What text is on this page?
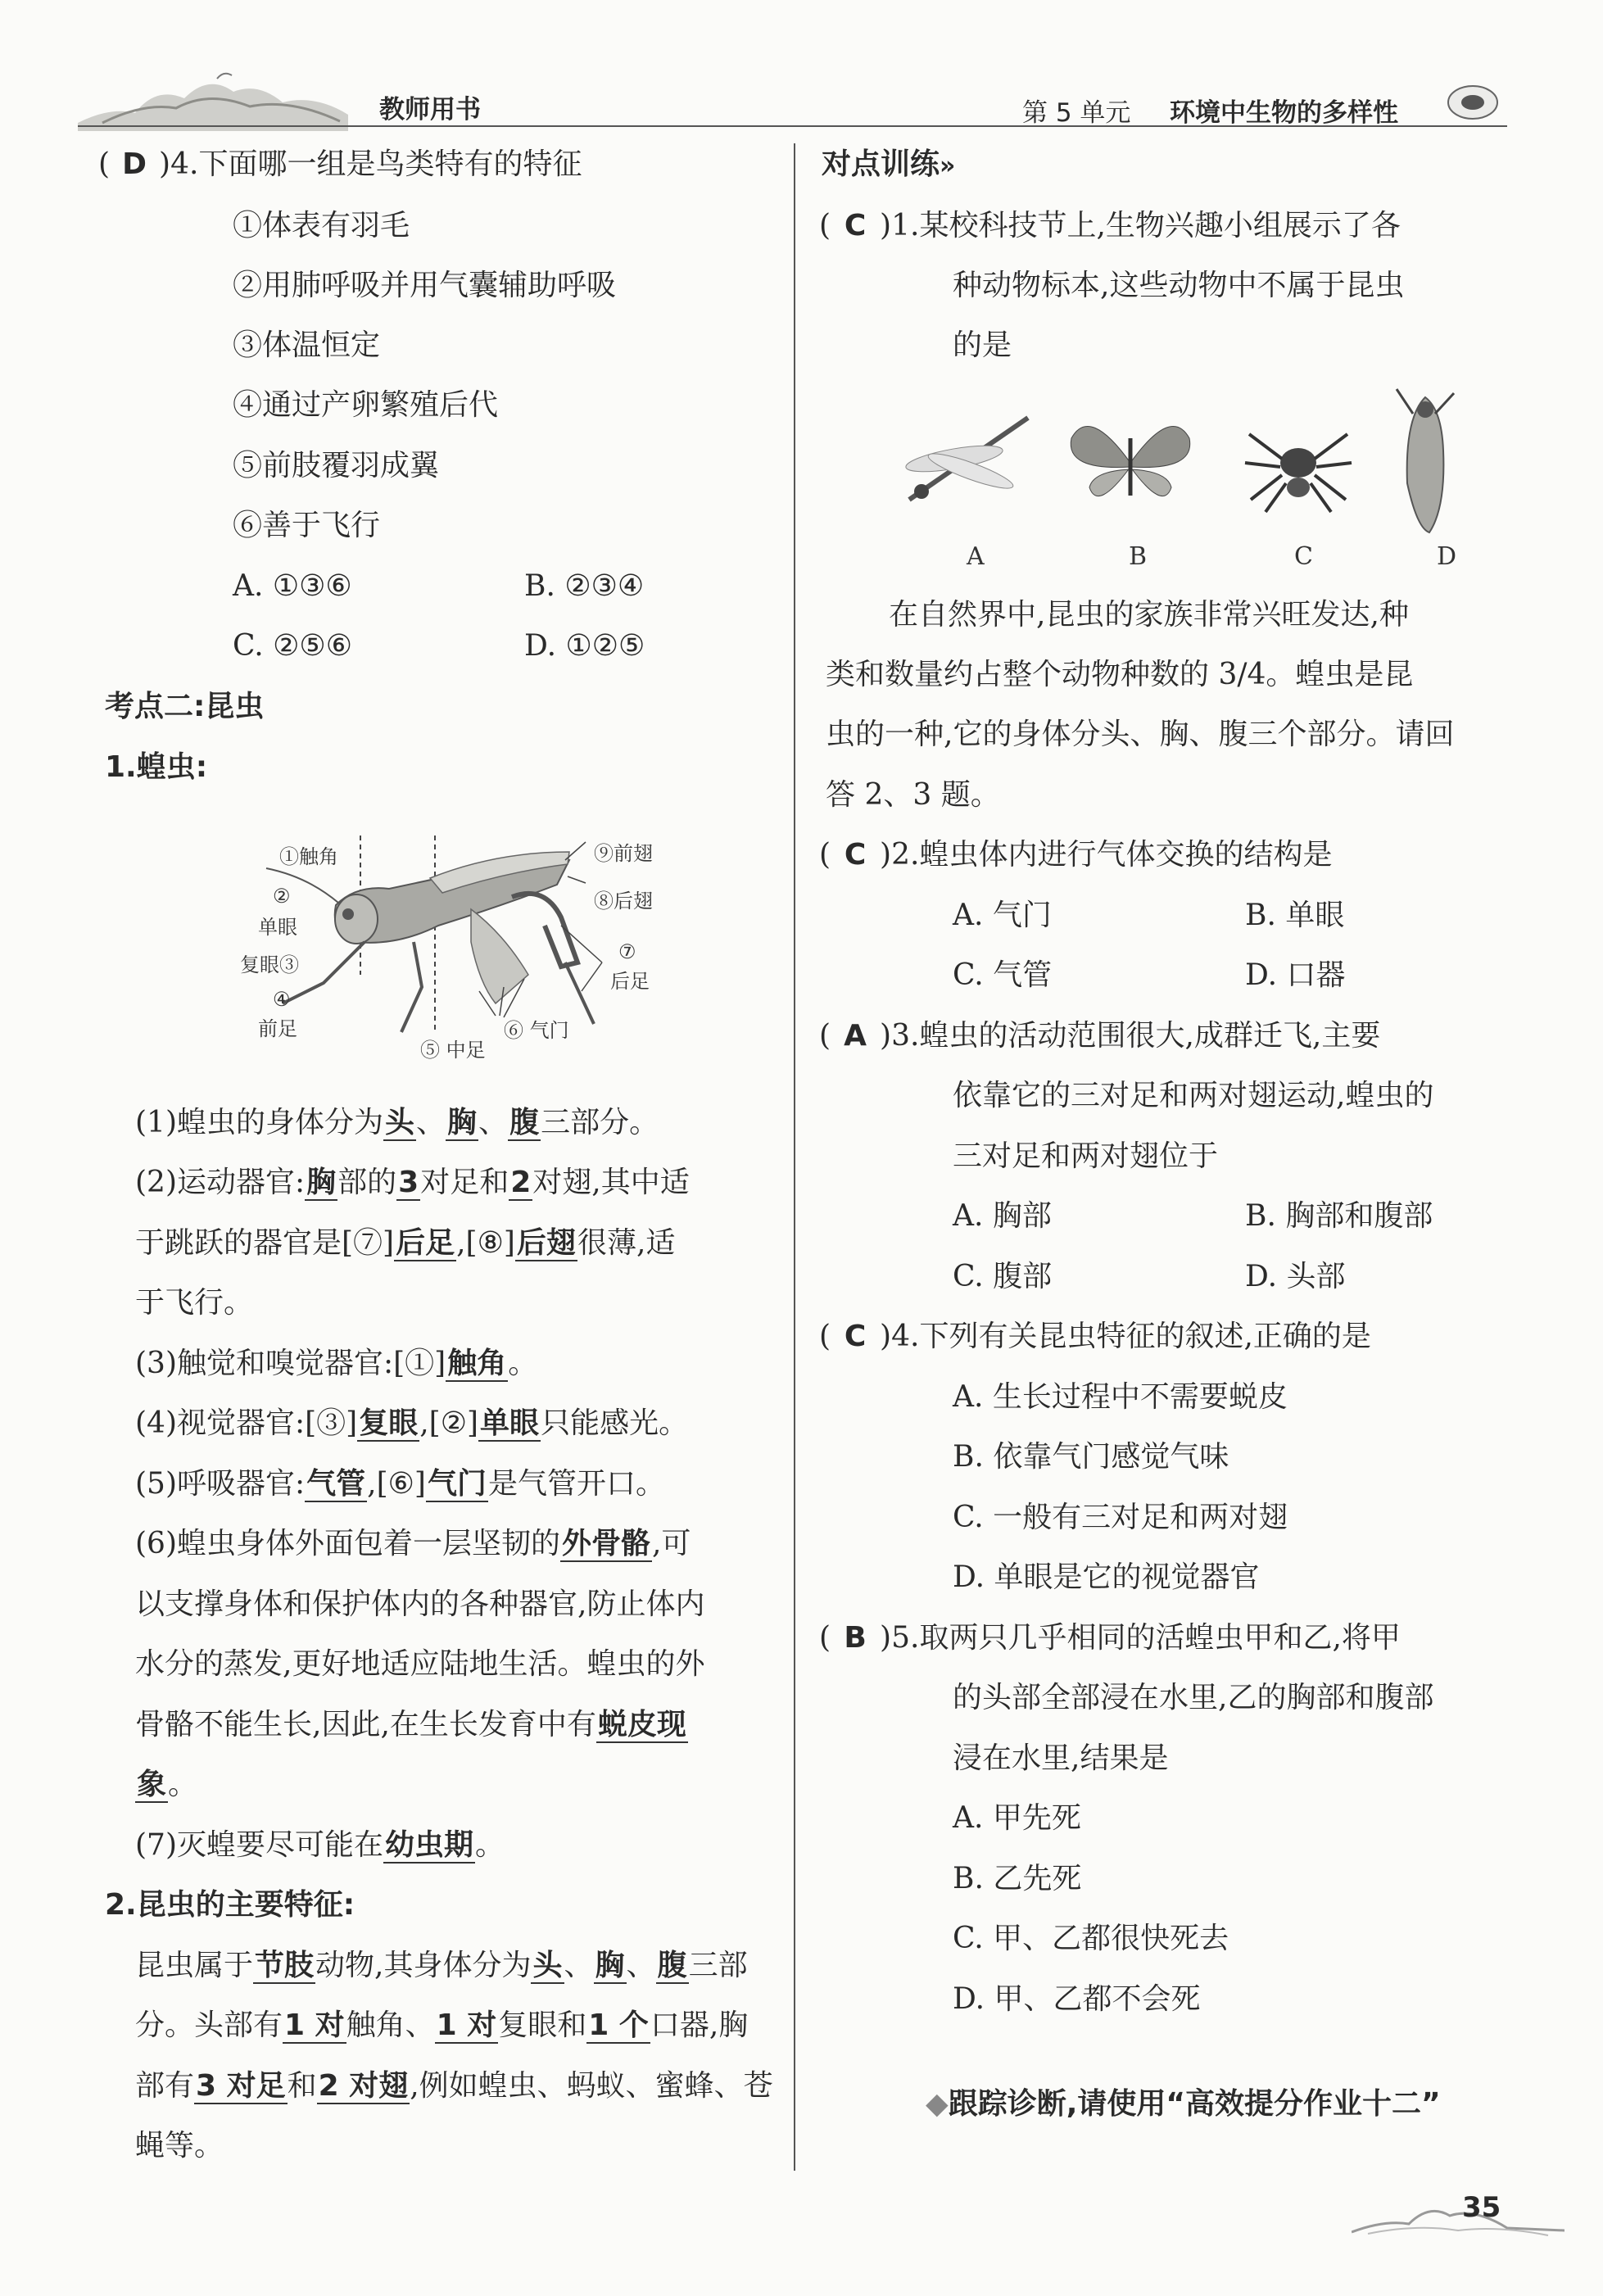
教师用书	第 5 单元 环境中生物的多样性
( D )4.下面哪一组是鸟类特有的特征
①体表有羽毛
②用肺呼吸并用气囊辅助呼吸
③体温恒定
④通过产卵繁殖后代
⑤前肢覆羽成翼
⑥善于飞行
A. ①③⑥	B. ②③④
C. ②⑤⑥	D. ①②⑤
考点二:昆虫
1.蝗虫:
①触角
②
单眼
复眼③
④
前足
⑤ 中足
⑥ 气门
⑦
后足
⑧后翅
⑨前翅
(1)蝗虫的身体分为头、胸、腹三部分。
(2)运动器官:胸部的3对足和2对翅,其中适
于跳跃的器官是[⑦]后足,[⑧]后翅很薄,适
于飞行。
(3)触觉和嗅觉器官:[①]触角。
(4)视觉器官:[③]复眼,[②]单眼只能感光。
(5)呼吸器官:气管,[⑥]气门是气管开口。
(6)蝗虫身体外面包着一层坚韧的外骨骼,可
以支撑身体和保护体内的各种器官,防止体内
水分的蒸发,更好地适应陆地生活。蝗虫的外
骨骼不能生长,因此,在生长发育中有蜕皮现
象。
(7)灭蝗要尽可能在幼虫期。
2.昆虫的主要特征:
昆虫属于节肢动物,其身体分为头、胸、腹三部
分。头部有1 对触角、1 对复眼和1 个口器,胸
部有3 对足和2 对翅,例如蝗虫、蚂蚁、蜜蜂、苍
蝇等。
对点训练»
( C )1.某校科技节上,生物兴趣小组展示了各
种动物标本,这些动物中不属于昆虫
的是
A	B	C	D
在自然界中,昆虫的家族非常兴旺发达,种
类和数量约占整个动物种数的 3/4。蝗虫是昆
虫的一种,它的身体分头、胸、腹三个部分。请回
答 2、3 题。
( C )2.蝗虫体内进行气体交换的结构是
A. 气门	B. 单眼
C. 气管	D. 口器
( A )3.蝗虫的活动范围很大,成群迁飞,主要
依靠它的三对足和两对翅运动,蝗虫的
三对足和两对翅位于
A. 胸部	B. 胸部和腹部
C. 腹部	D. 头部
( C )4.下列有关昆虫特征的叙述,正确的是
A. 生长过程中不需要蜕皮
B. 依靠气门感觉气味
C. 一般有三对足和两对翅
D. 单眼是它的视觉器官
( B )5.取两只几乎相同的活蝗虫甲和乙,将甲
的头部全部浸在水里,乙的胸部和腹部
浸在水里,结果是
A. 甲先死
B. 乙先死
C. 甲、乙都很快死去
D. 甲、乙都不会死
◆跟踪诊断,请使用“高效提分作业十二”
35
